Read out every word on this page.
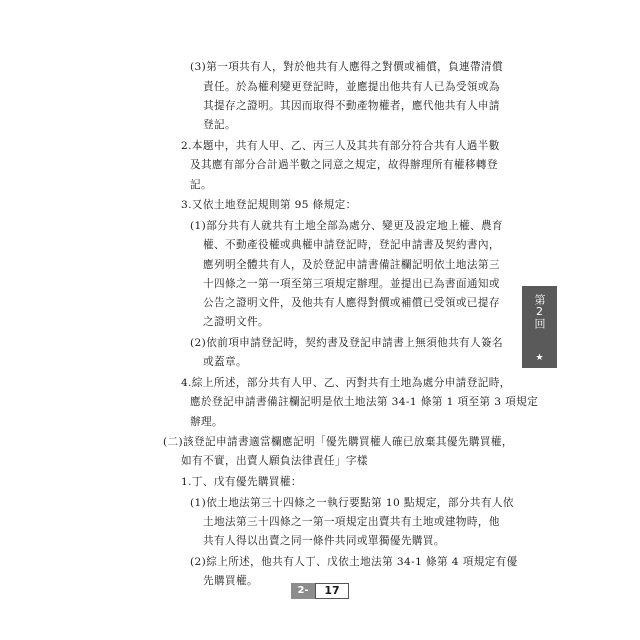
(3)第一項共有人，對於他共有人應得之對價或補償，負連帶清償
責任。於為權利變更登記時，並應提出他共有人已為受領或為
其提存之證明。其因而取得不動產物權者，應代他共有人申請
登記。
2.本題中，共有人甲、乙、丙三人及其共有部分符合共有人過半數
及其應有部分合計過半數之同意之規定，故得辦理所有權移轉登
記。
3.又依土地登記規則第 95 條規定：
(1)部分共有人就共有土地全部為處分、變更及設定地上權、農育
權、不動產役權或典權申請登記時，登記申請書及契約書內，
應列明全體共有人，及於登記申請書備註欄記明依土地法第三
十四條之一第一項至第三項規定辦理。並提出已為書面通知或
公告之證明文件，及他共有人應得對價或補償已受領或已提存
之證明文件。
(2)依前項申請登記時，契約書及登記申請書上無須他共有人簽名
或蓋章。
4.綜上所述，部分共有人甲、乙、丙對共有土地為處分申請登記時，
應於登記申請書備註欄記明是依土地法第 34-1 條第 1 項至第 3 項規定
辦理。
(二)該登記申請書適當欄應記明「優先購買權人確已放棄其優先購買權，
如有不實，出賣人願負法律責任」字樣
1.丁、戊有優先購買權：
(1)依土地法第三十四條之一執行要點第 10 點規定，部分共有人依
土地法第三十四條之一第一項規定出賣共有土地或建物時，他
共有人得以出賣之同一條件共同或單獨優先購買。
(2)綜上所述，他共有人丁、戊依土地法第 34-1 條第 4 項規定有優
先購買權。
第2回
★
2-	17
